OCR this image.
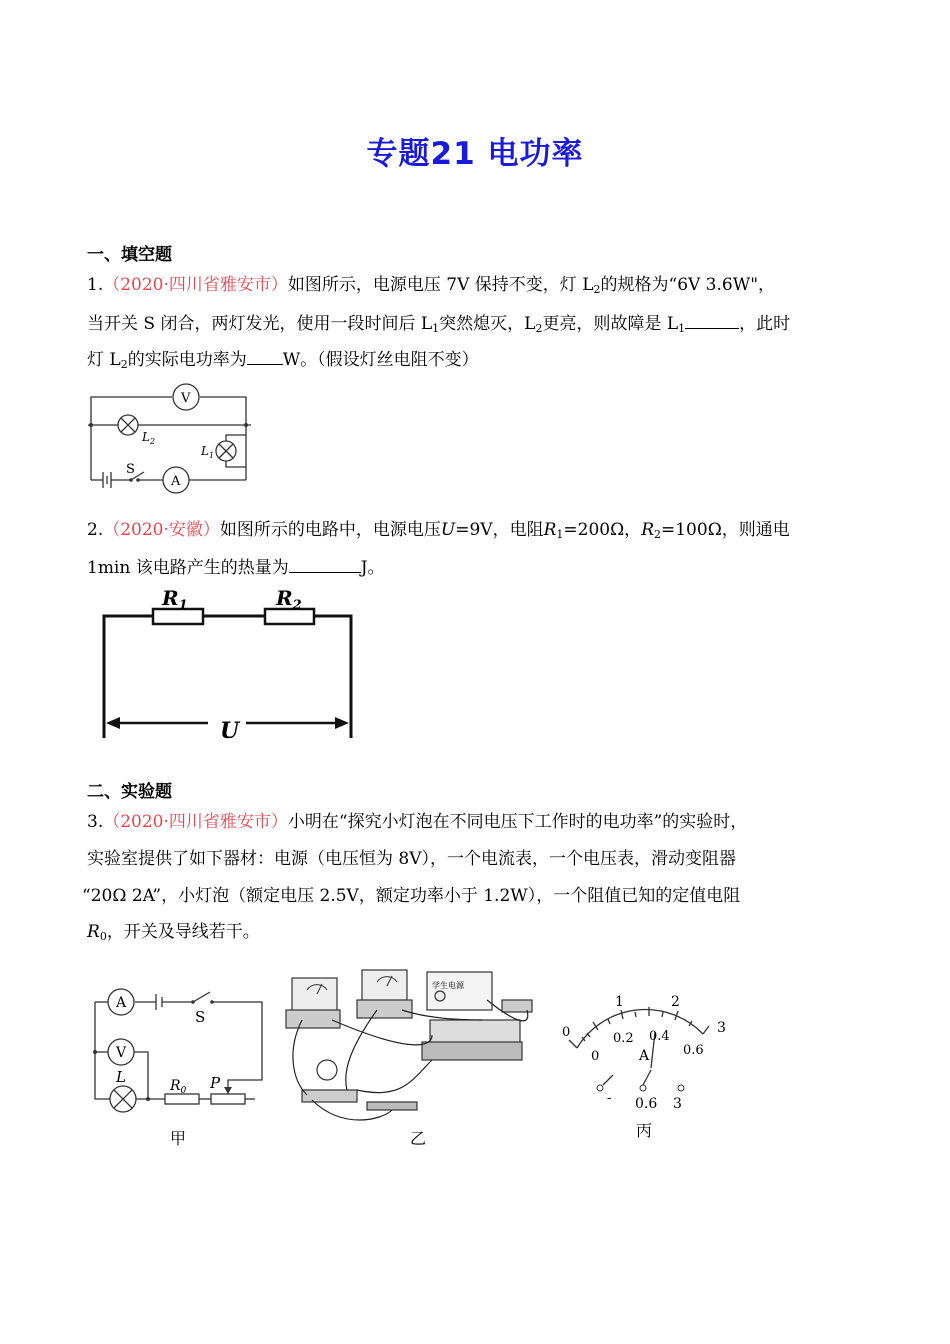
专题21 电功率
一、填空题
1.（2020·四川省雅安市）如图所示，电源电压 7V 保持不变，灯 $L_2$的规格为“6V 3.6W"，
当开关 S 闭合，两灯发光，使用一段时间后 $L_1$突然熄灭，$L_2$更亮，则故障是 $L_1$	，此时
灯 $L_2$的实际电功率为 W。（假设灯丝电阻不变）
V
A
S
$L_2$
$L_1$
2.（2020·安徽）如图所示的电路中，电源电压U=9V，电阻$R_1=200\Omega$，$R_2=100\Omega$，则通电
1min 该电路产生的热量为	J。
$R_1$	$R_2$
U
二、实验题
3.（2020·四川省雅安市）小明在“探究小灯泡在不同电压下工作时的电功率”的实验时，
实验室提供了如下器材：电源（电压恒为 8V），一个电流表，一个电压表，滑动变阻器
“20Ω 2A”，小灯泡（额定电压 2.5V，额定功率小于 1.2W），一个阻值已知的定值电阻
$R_0$，开关及导线若干。
A
V
S
L	$R_0$ P
甲
学生电源
乙
1	2
3
0
0
0.2 0.4
0.6
A
- 0.6 3
丙
